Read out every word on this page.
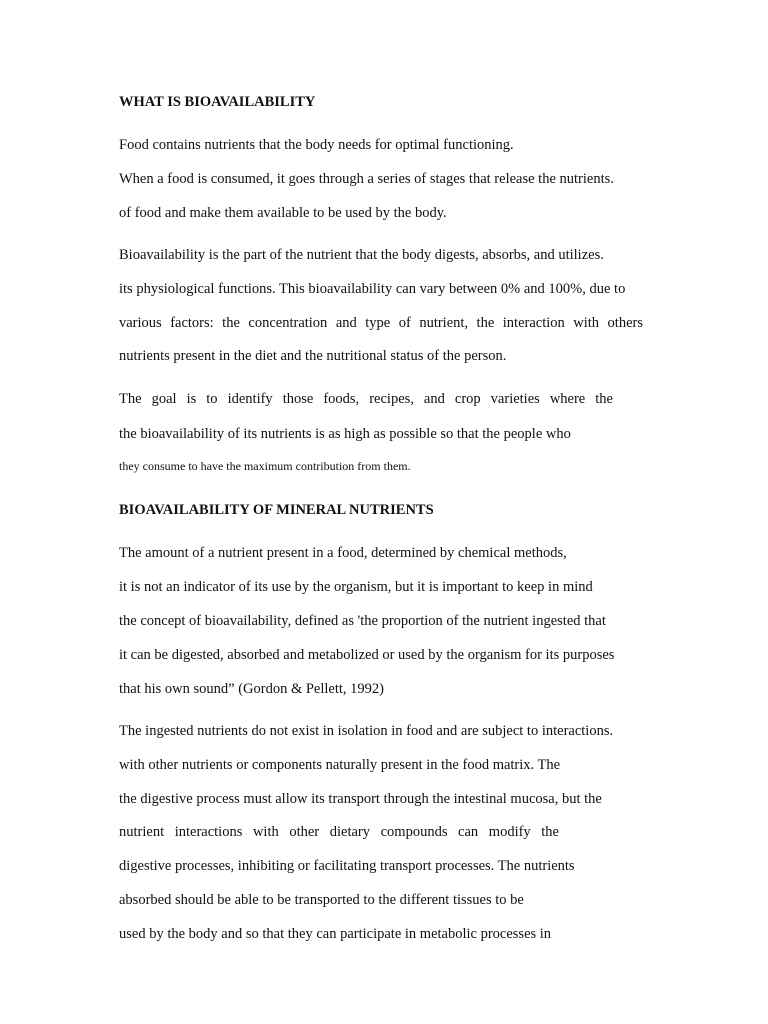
WHAT IS BIOAVAILABILITY
Food contains nutrients that the body needs for optimal functioning.
When a food is consumed, it goes through a series of stages that release the nutrients.
of food and make them available to be used by the body.
Bioavailability is the part of the nutrient that the body digests, absorbs, and utilizes.
its physiological functions. This bioavailability can vary between 0% and 100%, due to
various factors: the concentration and type of nutrient, the interaction with others
nutrients present in the diet and the nutritional status of the person.
The goal is to identify those foods, recipes, and crop varieties where the
the bioavailability of its nutrients is as high as possible so that the people who
they consume to have the maximum contribution from them.
BIOAVAILABILITY OF MINERAL NUTRIENTS
The amount of a nutrient present in a food, determined by chemical methods,
it is not an indicator of its use by the organism, but it is important to keep in mind
the concept of bioavailability, defined as 'the proportion of the nutrient ingested that
it can be digested, absorbed and metabolized or used by the organism for its purposes
that his own sound” (Gordon & Pellett, 1992)
The ingested nutrients do not exist in isolation in food and are subject to interactions.
with other nutrients or components naturally present in the food matrix. The
the digestive process must allow its transport through the intestinal mucosa, but the
nutrient interactions with other dietary compounds can modify the
digestive processes, inhibiting or facilitating transport processes. The nutrients
absorbed should be able to be transported to the different tissues to be
used by the body and so that they can participate in metabolic processes in
